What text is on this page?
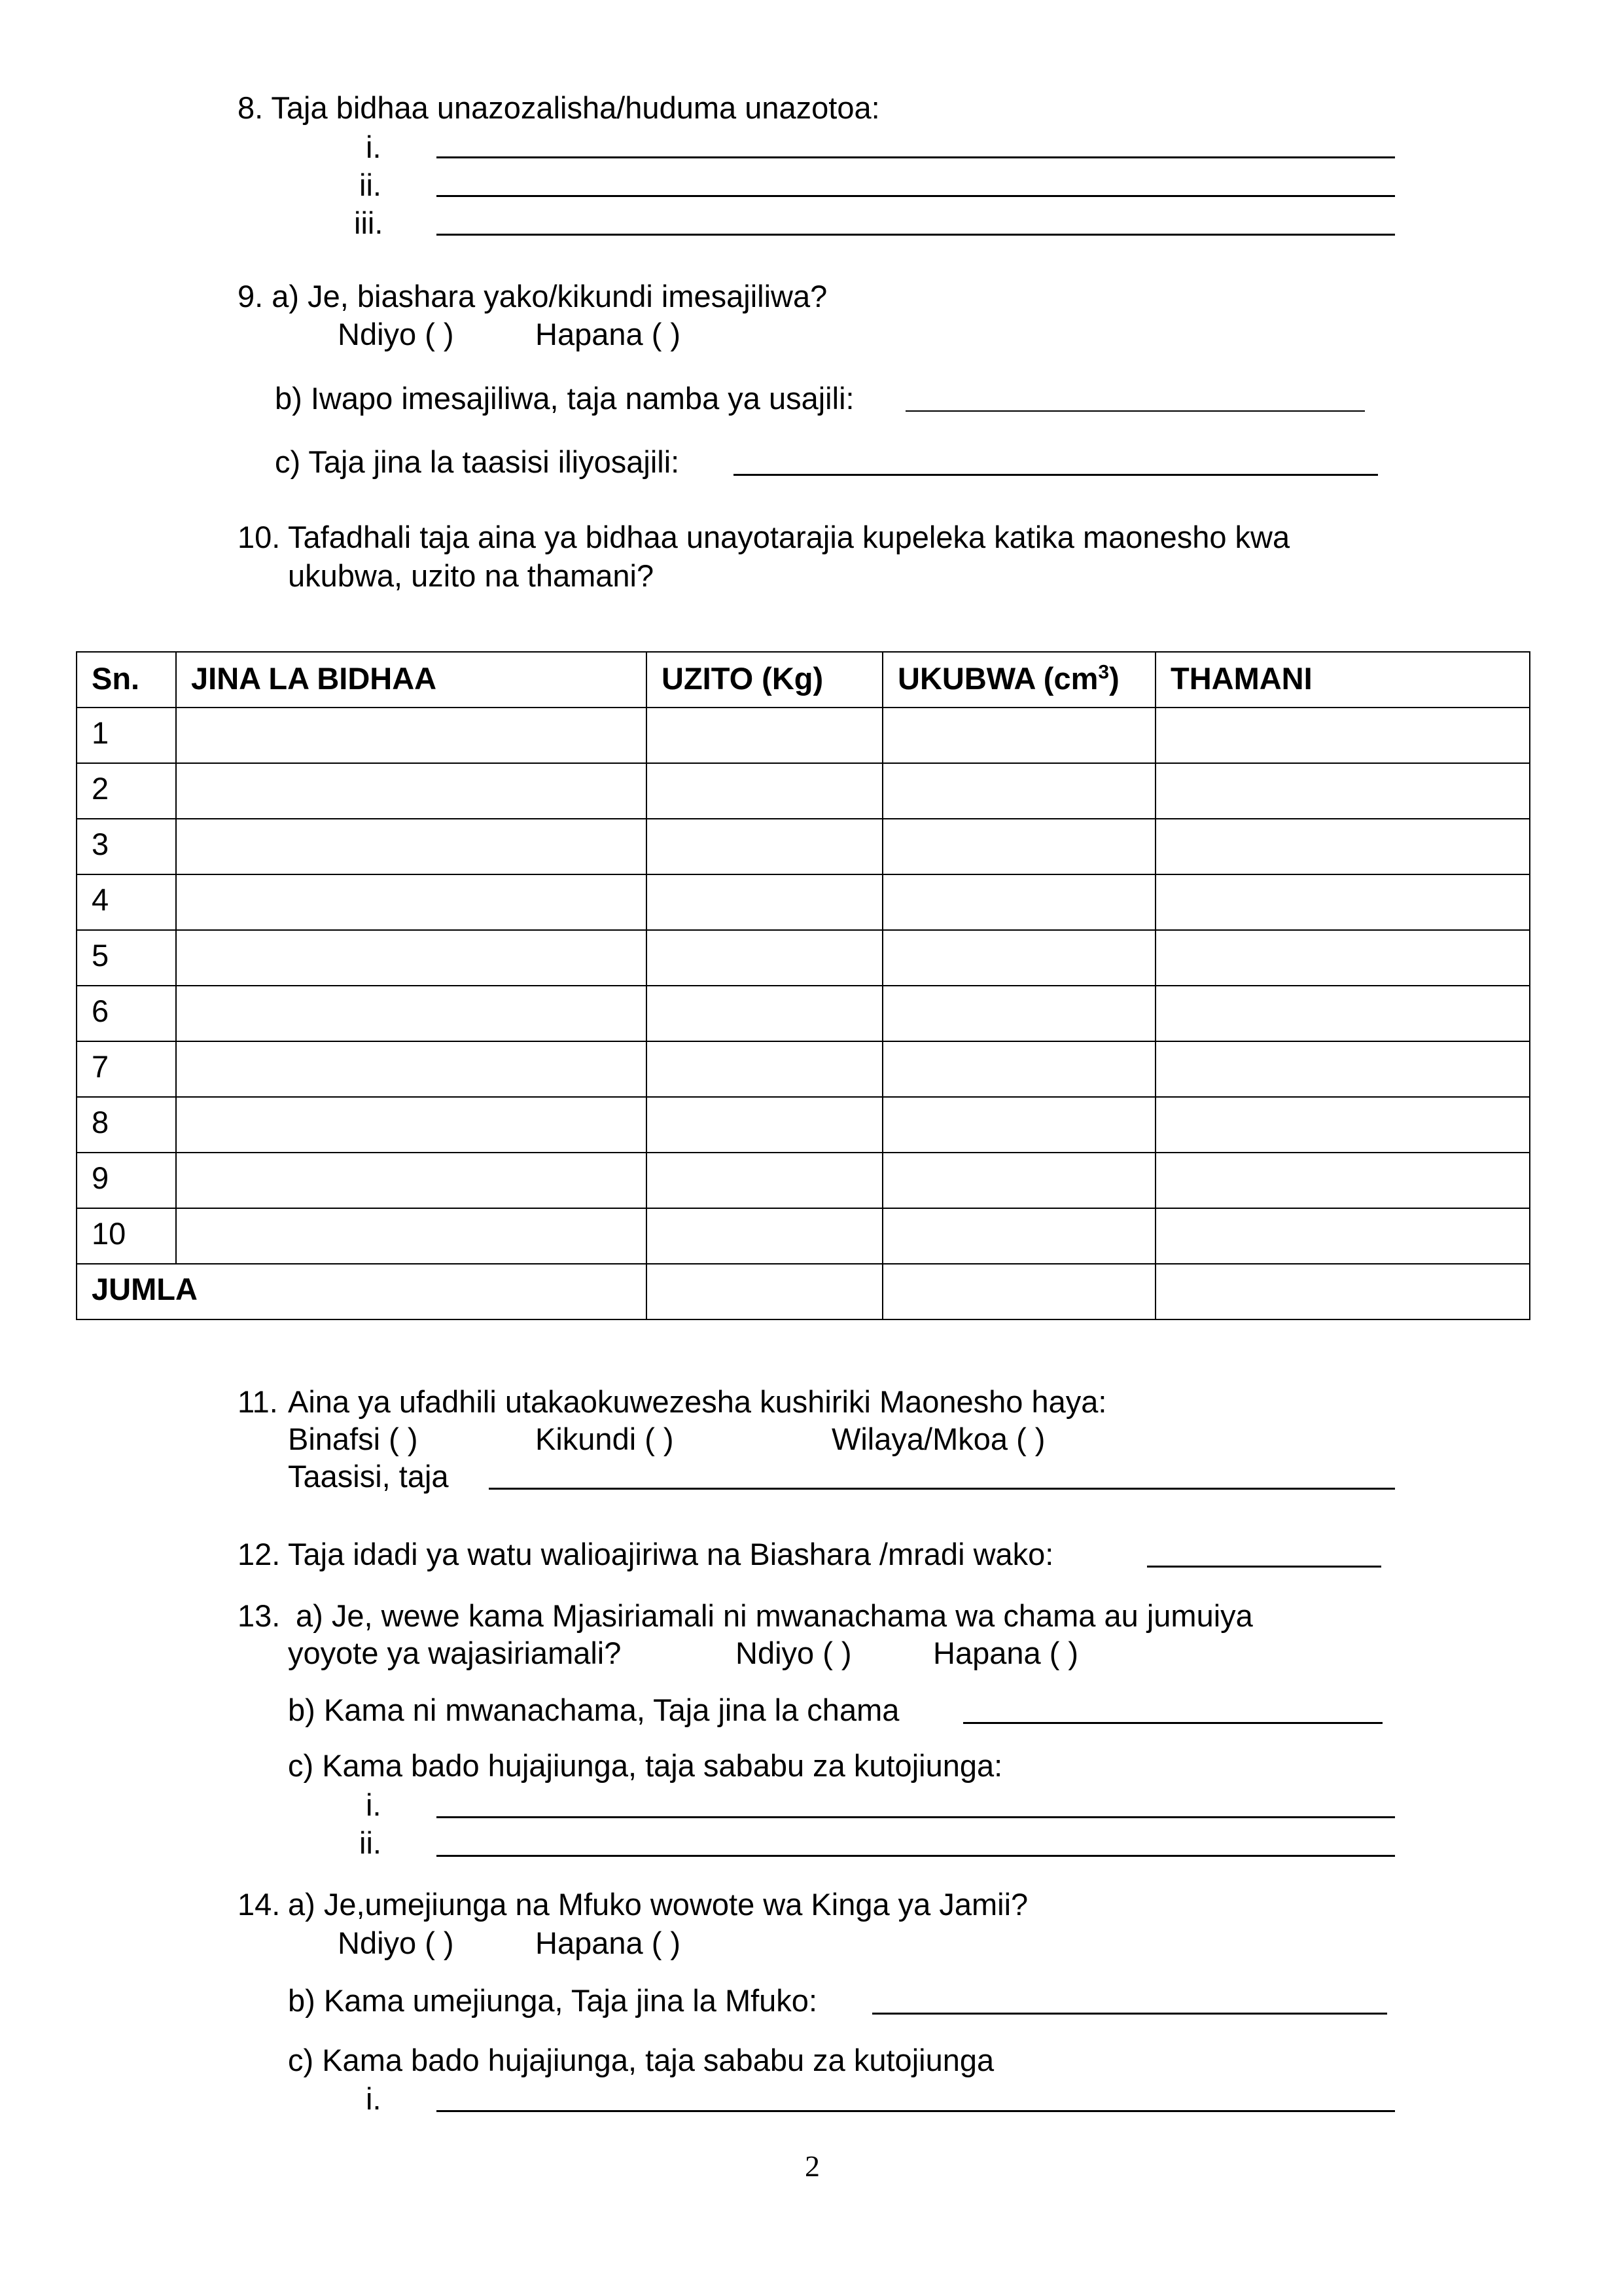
8. Taja bidhaa unazozalisha/huduma unazotoa:
i.
ii.
iii.
9. a) Je, biashara yako/kikundi imesajiliwa?
Ndiyo ( )	Hapana ( )
b) Iwapo imesajiliwa, taja namba ya usajili:
c) Taja jina la taasisi iliyosajili:
10. Tafadhali taja aina ya bidhaa unayotarajia kupeleka katika maonesho kwa
ukubwa, uzito na thamani?
Sn.	JINA LA BIDHAA	UZITO (Kg)	UKUBWA $(cm^3)$	THAMANI
1				
2				
3				
4				
5				
6				
7				
8				
9				
10				
JUMLA				
11. Aina ya ufadhili utakaokuwezesha kushiriki Maonesho haya:
Binafsi ( )	Kikundi ( )	Wilaya/Mkoa ( )
Taasisi, taja
12. Taja idadi ya watu walioajiriwa na Biashara /mradi wako:
13. a) Je, wewe kama Mjasiriamali ni mwanachama wa chama au jumuiya
yoyote ya wajasiriamali?	Ndiyo ( )	Hapana ( )
b) Kama ni mwanachama, Taja jina la chama
c) Kama bado hujajiunga, taja sababu za kutojiunga:
i.
ii.
14. a) Je,umejiunga na Mfuko wowote wa Kinga ya Jamii?
Ndiyo ( )	Hapana ( )
b) Kama umejiunga, Taja jina la Mfuko:
c) Kama bado hujajiunga, taja sababu za kutojiunga
i.
2
